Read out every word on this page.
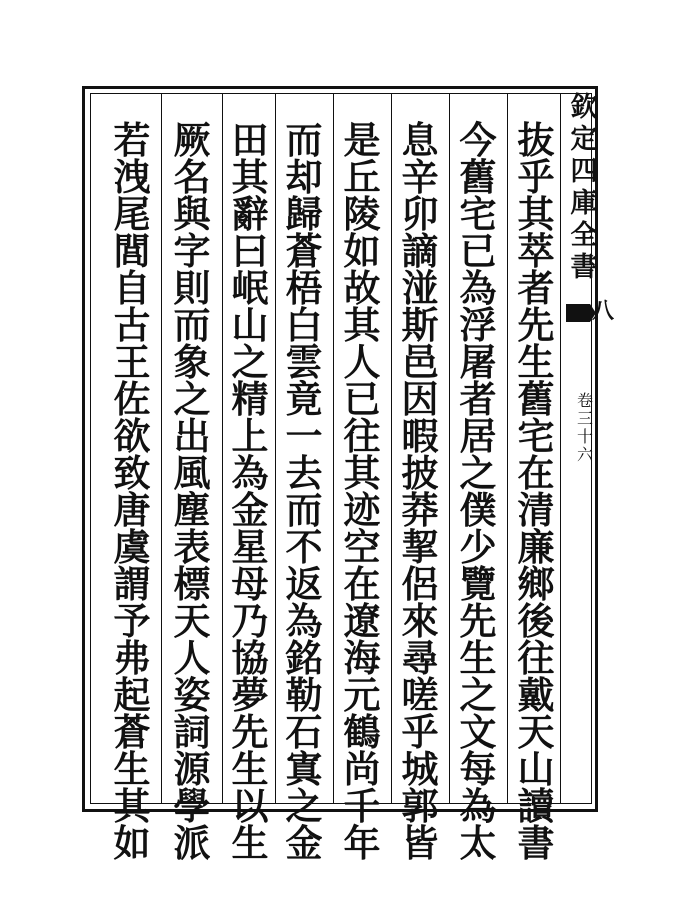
抜
乎
其
萃
者
先
生
舊
宅
在
清
廉
鄉
後
往
戴
天
山
讀
書
今
舊
宅
已
為
浮
屠
者
居
之
僕
少
覽
先
生
之
文
每
為
太
息
辛
卯
謫
湴
斯
邑
因
暇
披
莽
挈
侶
來
尋
嗟
乎
城
郭
皆
是
丘
陵
如
故
其
人
已
往
其
迹
空
在
遼
海
元
鶴
尚
千
年
而
却
歸
蒼
梧
白
雲
竟
一
去
而
不
返
為
銘
勒
石
寘
之
金
田
其
辭
曰
岷
山
之
精
上
為
金
星
母
乃
協
夢
先
生
以
生
厥
名
與
字
則
而
象
之
出
風
塵
表
標
天
人
姿
詞
源
學
派
若
洩
尾
閭
自
古
王
佐
欲
致
唐
虞
謂
予
弗
起
蒼
生
其
如
欽
定
四
庫
全
書
八
卷
三
十
六
